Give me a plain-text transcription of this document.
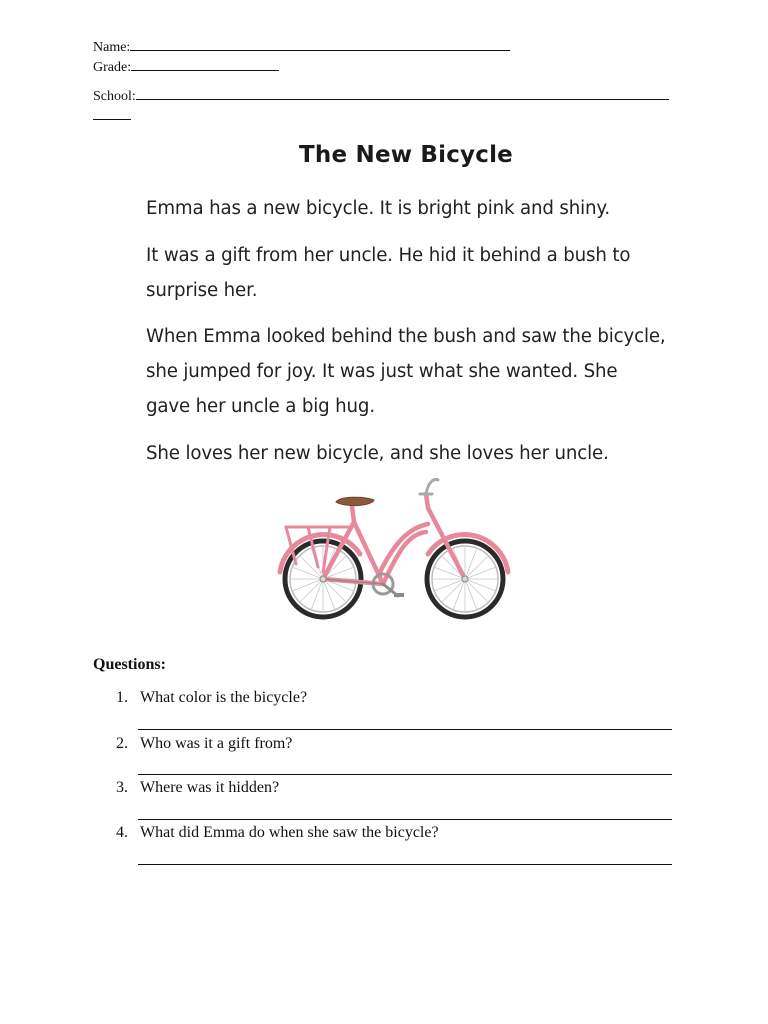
Name:
Grade:
School:
The New Bicycle

Emma has a new bicycle. It is bright pink and shiny.

It was a gift from her uncle. He hid it behind a bush to surprise her.

When Emma looked behind the bush and saw the bicycle, she jumped for joy. It was just what she wanted. She gave her uncle a big hug.

She loves her new bicycle, and she loves her uncle.

Questions:
1. What color is the bicycle?
2. Who was it a gift from?
3. Where was it hidden?
4. What did Emma do when she saw the bicycle?
